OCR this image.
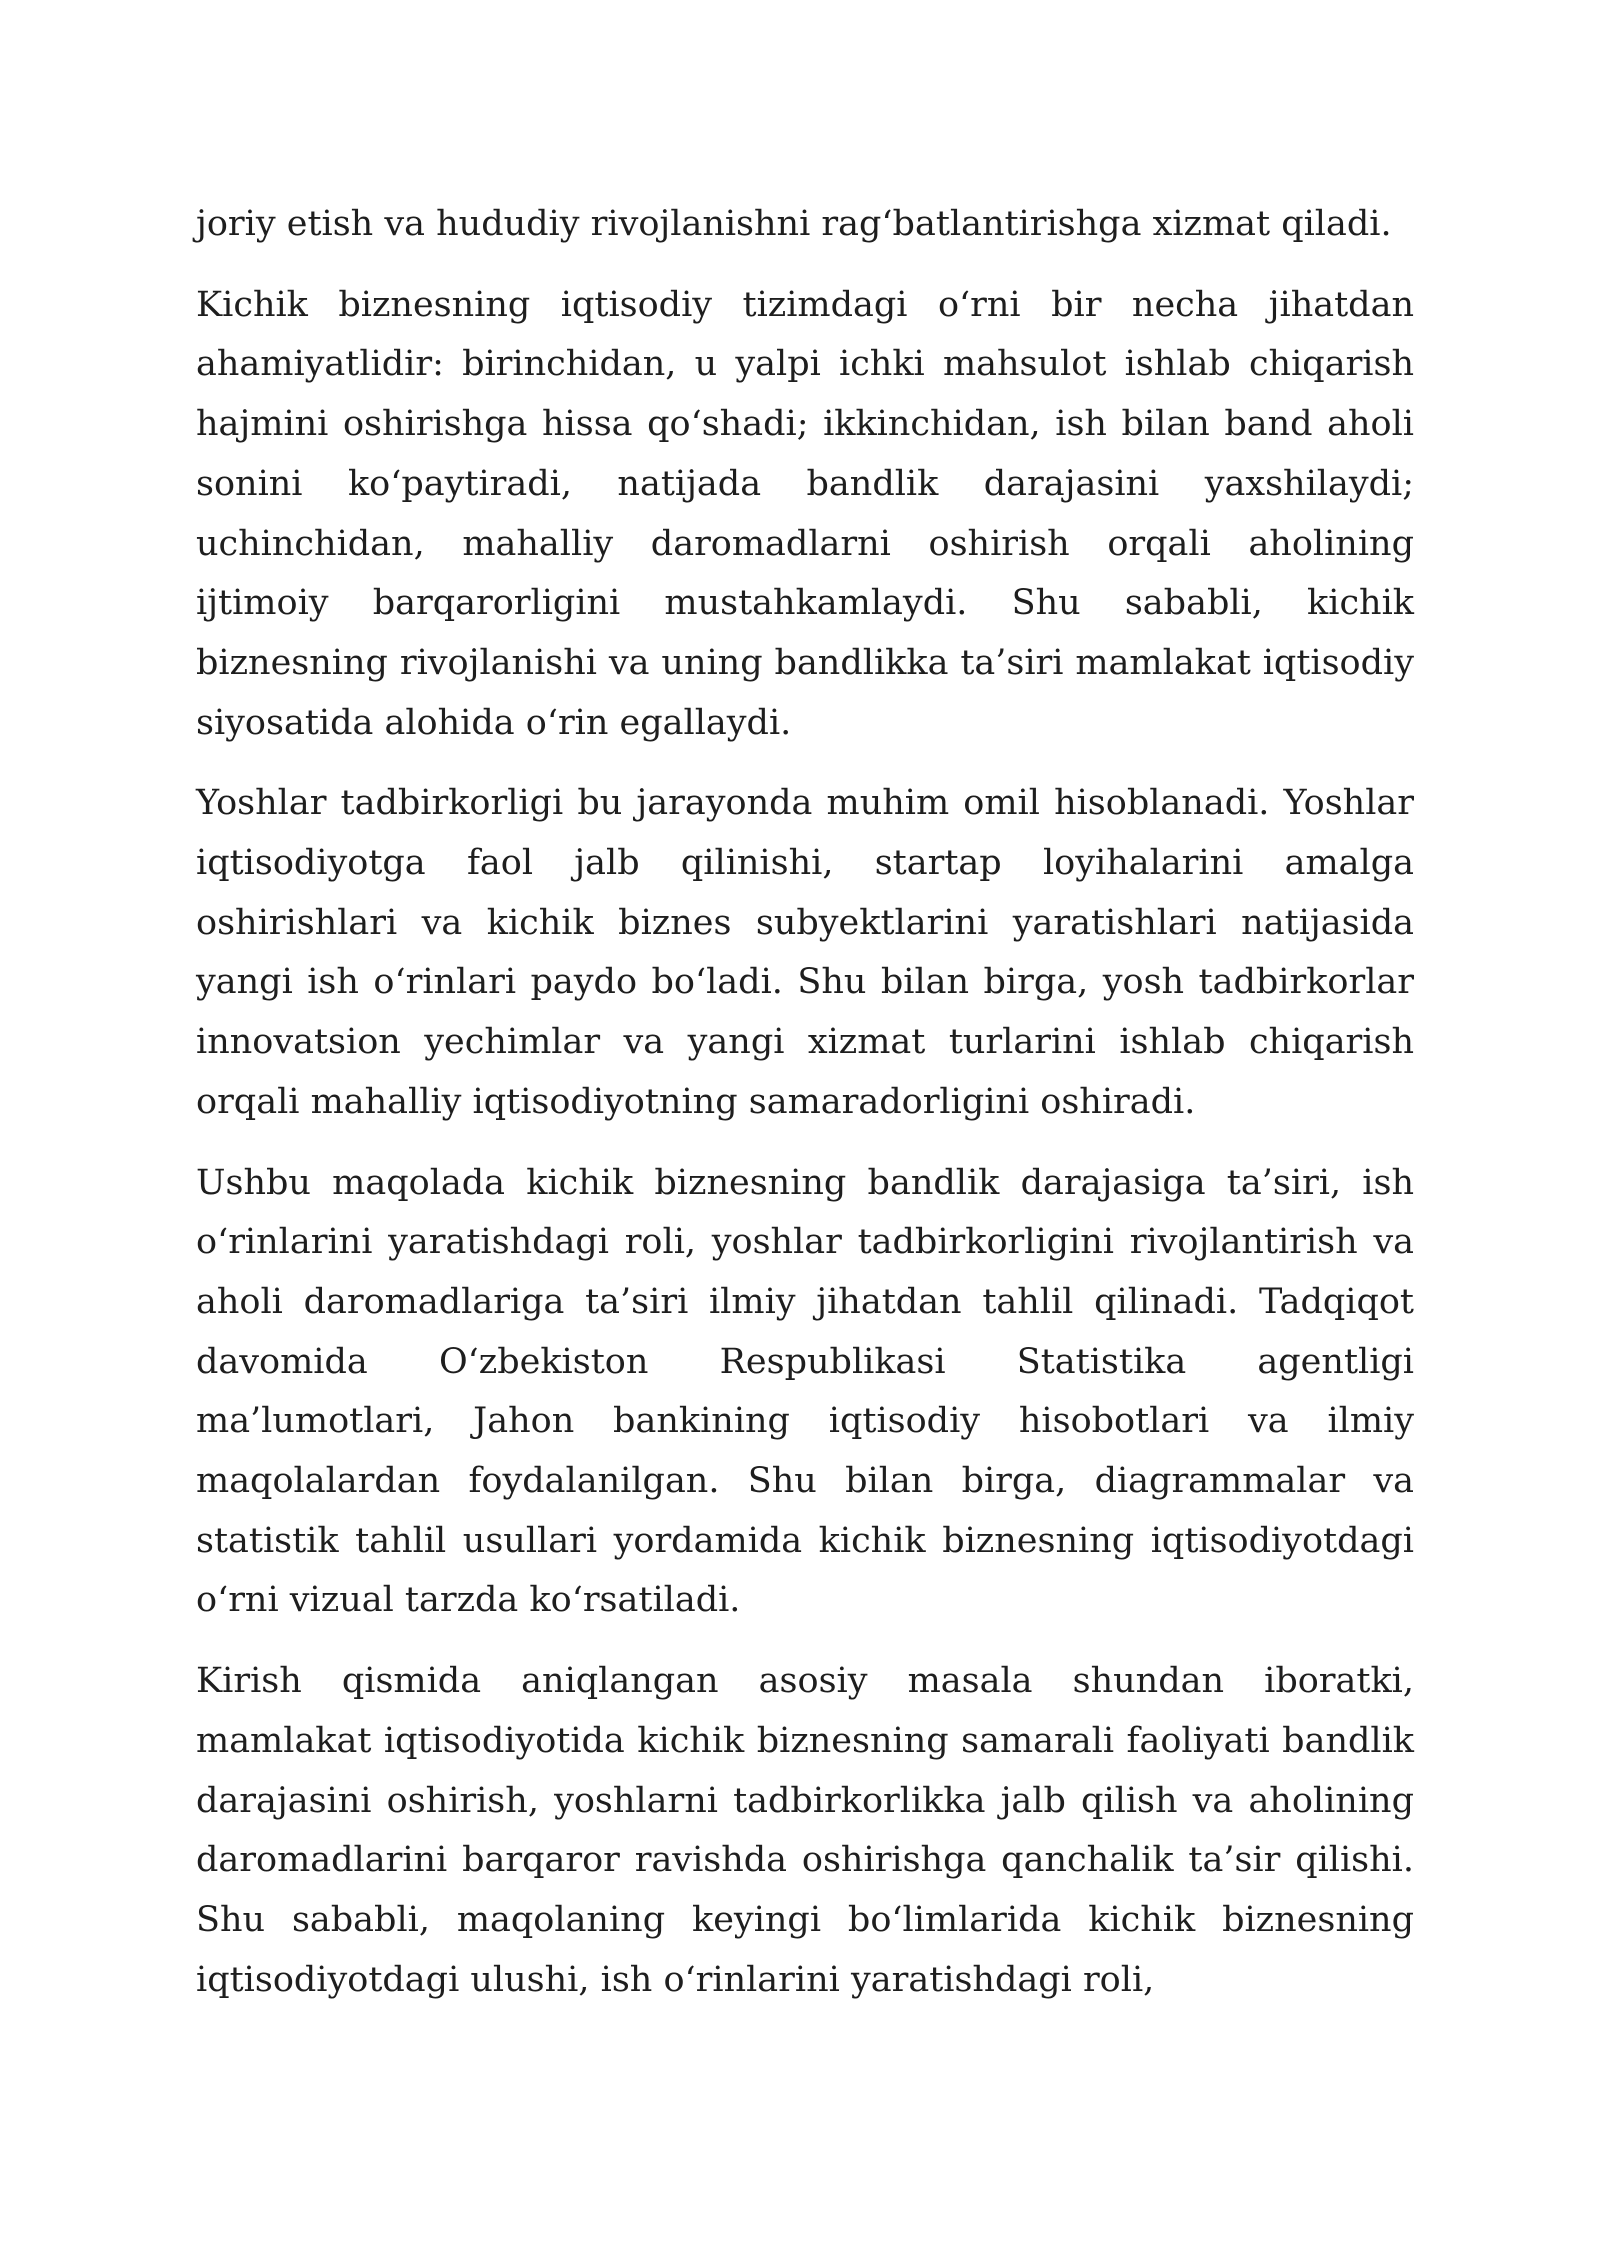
joriy etish va hududiy rivojlanishni rag‘batlantirishga xizmat qiladi.

Kichik biznesning iqtisodiy tizimdagi o‘rni bir necha jihatdan ahamiyatlidir: birinchidan, u yalpi ichki mahsulot ishlab chiqarish hajmini oshirishga hissa qo‘shadi; ikkinchidan, ish bilan band aholi sonini ko‘paytiradi, natijada bandlik darajasini yaxshilaydi; uchinchidan, mahalliy daromadlarni oshirish orqali aholining ijtimoiy barqarorligini mustahkamlaydi. Shu sababli, kichik biznesning rivojlanishi va uning bandlikka ta’siri mamlakat iqtisodiy siyosatida alohida o‘rin egallaydi.

Yoshlar tadbirkorligi bu jarayonda muhim omil hisoblanadi. Yoshlar iqtisodiyotga faol jalb qilinishi, startap loyihalarini amalga oshirishlari va kichik biznes subyektlarini yaratishlari natijasida yangi ish o‘rinlari paydo bo‘ladi. Shu bilan birga, yosh tadbirkorlar innovatsion yechimlar va yangi xizmat turlarini ishlab chiqarish orqali mahalliy iqtisodiyotning samaradorligini oshiradi.

Ushbu maqolada kichik biznesning bandlik darajasiga ta’siri, ish o‘rinlarini yaratishdagi roli, yoshlar tadbirkorligini rivojlantirish va aholi daromadlariga ta’siri ilmiy jihatdan tahlil qilinadi. Tadqiqot davomida O‘zbekiston Respublikasi Statistika agentligi ma’lumotlari, Jahon bankining iqtisodiy hisobotlari va ilmiy maqolalardan foydalanilgan. Shu bilan birga, diagrammalar va statistik tahlil usullari yordamida kichik biznesning iqtisodiyotdagi o‘rni vizual tarzda ko‘rsatiladi.

Kirish qismida aniqlangan asosiy masala shundan iboratki, mamlakat iqtisodiyotida kichik biznesning samarali faoliyati bandlik darajasini oshirish, yoshlarni tadbirkorlikka jalb qilish va aholining daromadlarini barqaror ravishda oshirishga qanchalik ta’sir qilishi. Shu sababli, maqolaning keyingi bo‘limlarida kichik biznesning iqtisodiyotdagi ulushi, ish o‘rinlarini yaratishdagi roli,
